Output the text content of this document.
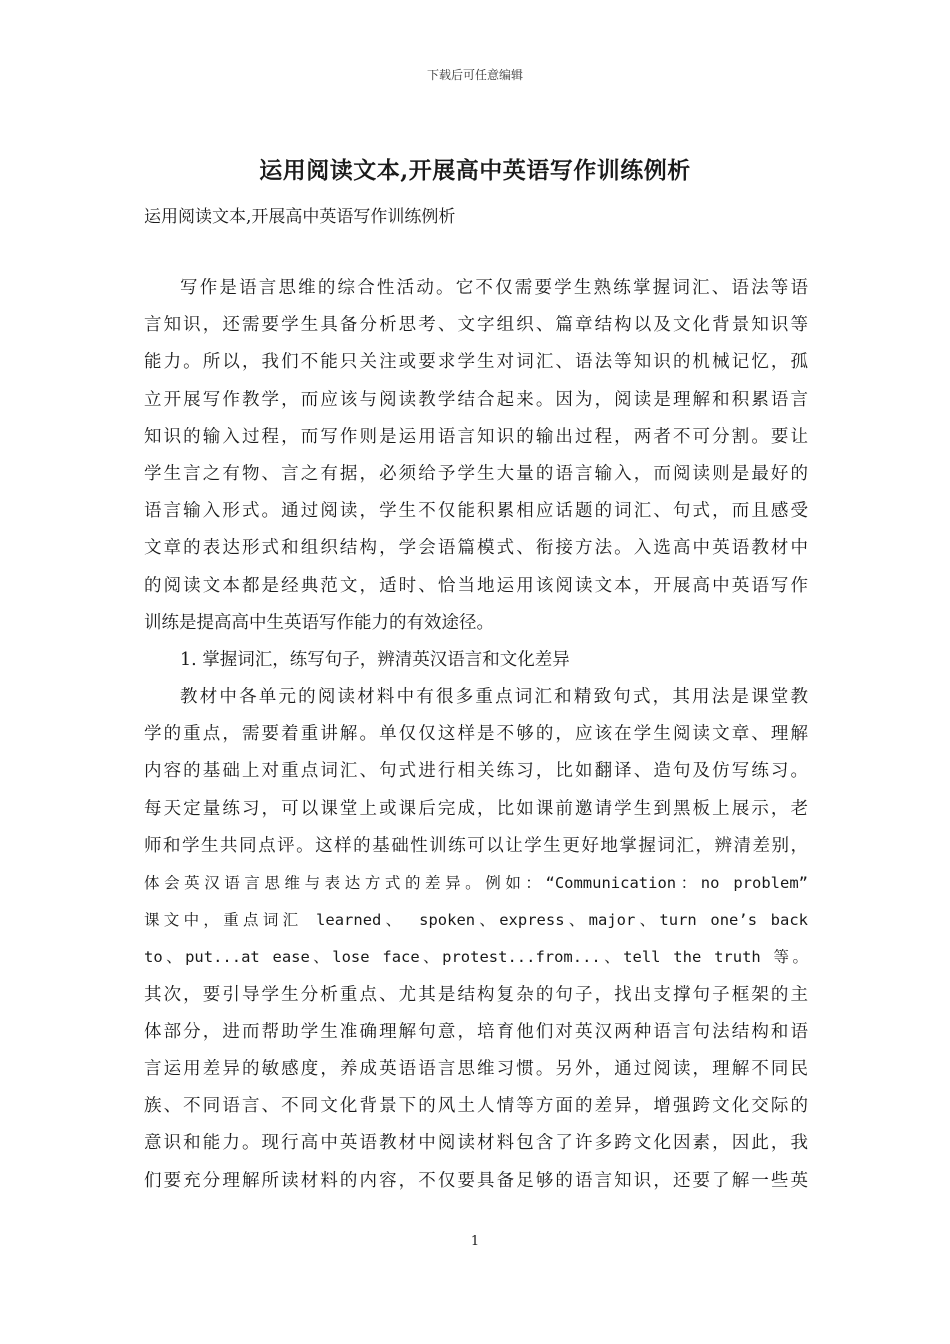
下载后可任意编辑
运用阅读文本,开展高中英语写作训练例析
运用阅读文本,开展高中英语写作训练例析
写作是语言思维的综合性活动。它不仅需要学生熟练掌握词汇、语法等语
言知识，还需要学生具备分析思考、文字组织、篇章结构以及文化背景知识等
能力。所以，我们不能只关注或要求学生对词汇、语法等知识的机械记忆，孤
立开展写作教学，而应该与阅读教学结合起来。因为，阅读是理解和积累语言
知识的输入过程，而写作则是运用语言知识的输出过程，两者不可分割。要让
学生言之有物、言之有据，必须给予学生大量的语言输入，而阅读则是最好的
语言输入形式。通过阅读，学生不仅能积累相应话题的词汇、句式，而且感受
文章的表达形式和组织结构，学会语篇模式、衔接方法。入选高中英语教材中
的阅读文本都是经典范文，适时、恰当地运用该阅读文本，开展高中英语写作
训练是提高高中生英语写作能力的有效途径。
1. 掌握词汇，练写句子，辨清英汉语言和文化差异
教材中各单元的阅读材料中有很多重点词汇和精致句式，其用法是课堂教
学的重点，需要着重讲解。单仅仅这样是不够的，应该在学生阅读文章、理解
内容的基础上对重点词汇、句式进行相关练习，比如翻译、造句及仿写练习。
每天定量练习，可以课堂上或课后完成，比如课前邀请学生到黑板上展示，老
师和学生共同点评。这样的基础性训练可以让学生更好地掌握词汇，辨清差别，
体会英汉语言思维与表达方式的差异。例如：“Communication：no problem”
课文中，重点词汇 learned、 spoken、express、major、turn one’s back
to、put...at ease、lose face、protest...from...、tell the truth 等。
其次，要引导学生分析重点、尤其是结构复杂的句子，找出支撑句子框架的主
体部分，进而帮助学生准确理解句意，培育他们对英汉两种语言句法结构和语
言运用差异的敏感度，养成英语语言思维习惯。另外，通过阅读，理解不同民
族、不同语言、不同文化背景下的风土人情等方面的差异，增强跨文化交际的
意识和能力。现行高中英语教材中阅读材料包含了许多跨文化因素，因此，我
们要充分理解所读材料的内容，不仅要具备足够的语言知识，还要了解一些英
1
